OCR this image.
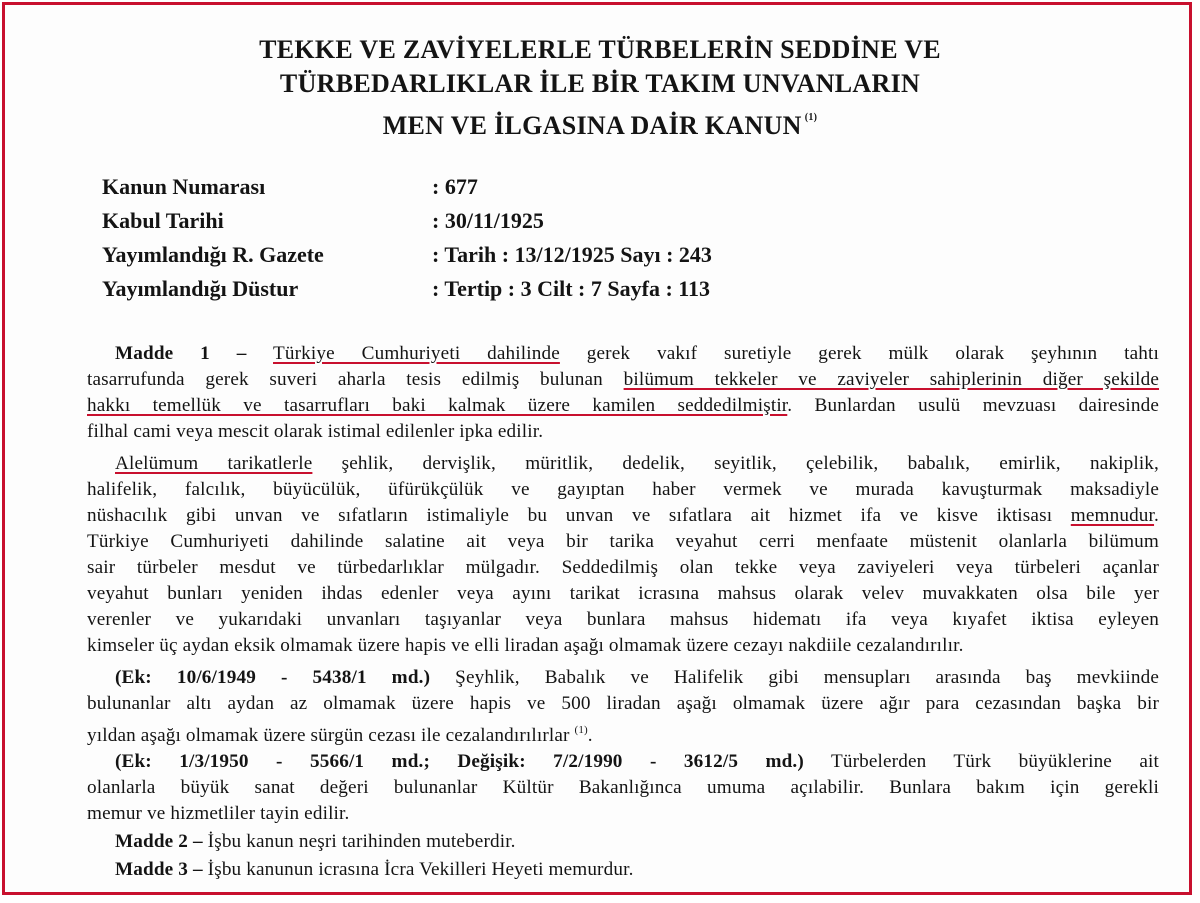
TEKKE VE ZAVİYELERLE TÜRBELERİN SEDDİNE VE
TÜRBEDARLIKLAR İLE BİR TAKIM UNVANLARIN
MEN VE İLGASINA DAİR KANUN $^{(1)}$
Kanun Numarası	: 677
Kabul Tarihi	: 30/11/1925
Yayımlandığı R. Gazete	: Tarih : 13/12/1925 Sayı : 243
Yayımlandığı Düstur	: Tertip : 3 Cilt : 7 Sayfa : 113
Madde 1 – Türkiye Cumhuriyeti dahilinde gerek vakıf suretiyle gerek mülk olarak şeyhının tahtı
tasarrufunda gerek suveri aharla tesis edilmiş bulunan bilümum tekkeler ve zaviyeler sahiplerinin diğer şekilde
hakkı temellük ve tasarrufları baki kalmak üzere kamilen seddedilmiştir. Bunlardan usulü mevzuası dairesinde
filhal cami veya mescit olarak istimal edilenler ipka edilir.
Alelümum tarikatlerle şehlik, dervişlik, müritlik, dedelik, seyitlik, çelebilik, babalık, emirlik, nakiplik,
halifelik, falcılık, büyücülük, üfürükçülük ve gayıptan haber vermek ve murada kavuşturmak maksadiyle
nüshacılık gibi unvan ve sıfatların istimaliyle bu unvan ve sıfatlara ait hizmet ifa ve kisve iktisası memnudur.
Türkiye Cumhuriyeti dahilinde salatine ait veya bir tarika veyahut cerri menfaate müstenit olanlarla bilümum
sair türbeler mesdut ve türbedarlıklar mülgadır. Seddedilmiş olan tekke veya zaviyeleri veya türbeleri açanlar
veyahut bunları yeniden ihdas edenler veya ayını tarikat icrasına mahsus olarak velev muvakkaten olsa bile yer
verenler ve yukarıdaki unvanları taşıyanlar veya bunlara mahsus hidematı ifa veya kıyafet iktisa eyleyen
kimseler üç aydan eksik olmamak üzere hapis ve elli liradan aşağı olmamak üzere cezayı nakdiile cezalandırılır.
(Ek: 10/6/1949 - 5438/1 md.) Şeyhlik, Babalık ve Halifelik gibi mensupları arasında baş mevkiinde
bulunanlar altı aydan az olmamak üzere hapis ve 500 liradan aşağı olmamak üzere ağır para cezasından başka bir
yıldan aşağı olmamak üzere sürgün cezası ile cezalandırılırlar $^{(1)}$.
(Ek: 1/3/1950 - 5566/1 md.; Değişik: 7/2/1990 - 3612/5 md.) Türbelerden Türk büyüklerine ait
olanlarla büyük sanat değeri bulunanlar Kültür Bakanlığınca umuma açılabilir. Bunlara bakım için gerekli
memur ve hizmetliler tayin edilir.
Madde 2 – İşbu kanun neşri tarihinden muteberdir.
Madde 3 – İşbu kanunun icrasına İcra Vekilleri Heyeti memurdur.
